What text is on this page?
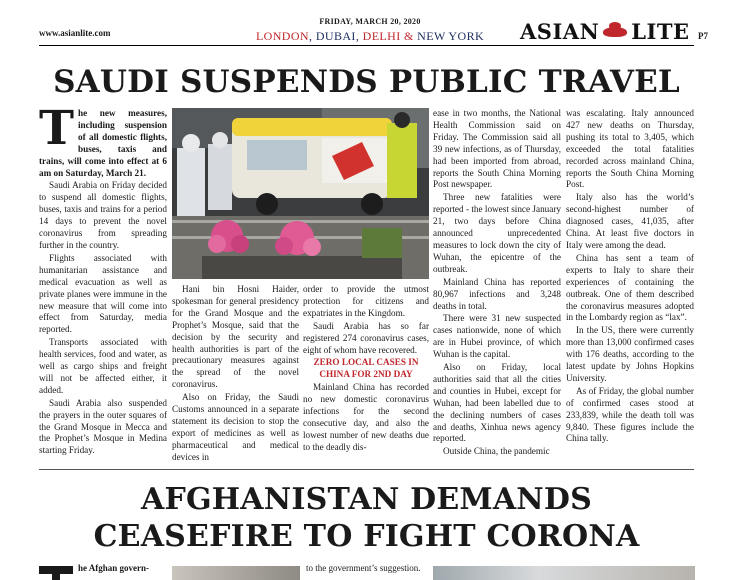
www.asianlite.com
FRIDAY, MARCH 20, 2020
LONDON, DUBAI, DELHI & NEW YORK	ASIAN LITE P7
SAUDI SUSPENDS PUBLIC TRAVEL

The new measures, including suspension of all domestic flights, buses, taxis and trains, will come into effect at 6 am on Saturday, March 21.

Saudi Arabia on Friday decided to suspend all domestic flights, buses, taxis and trains for a period 14 days to prevent the novel coronavirus from spreading further in the country.

Flights associated with humanitarian assistance and medical evacuation as well as private planes were immune in the new measure that will come into effect from Saturday, media reported.

Transports associated with health services, food and water, as well as cargo ships and freight will not be affected either, it added.

Saudi Arabia also suspended the prayers in the outer squares of the Grand Mosque in Mecca and the Prophet’s Mosque in Medina starting Friday.

Hani bin Hosni Haider, spokesman for general presidency for the Grand Mosque and the Prophet’s Mosque, said that the decision by the security and health authorities is part of the precautionary measures against the spread of the novel coronavirus.

Also on Friday, the Saudi Customs announced in a separate statement its decision to stop the export of medicines as well as pharmaceutical and medical devices in

order to provide the utmost protection for citizens and expatriates in the Kingdom.

Saudi Arabia has so far registered 274 coronavirus cases, eight of whom have recovered.

ZERO LOCAL CASES IN CHINA FOR 2ND DAY

Mainland China has recorded no new domestic coronavirus infections for the second consecutive day, and also the lowest number of new deaths due to the deadly dis-

ease in two months, the National Health Commission said on Friday. The Commission said all 39 new infections, as of Thursday, had been imported from abroad, reports the South China Morning Post newspaper.

Three new fatalities were reported - the lowest since January 21, two days before China announced unprecedented measures to lock down the city of Wuhan, the epicentre of the outbreak.

Mainland China has reported 80,967 infections and 3,248 deaths in total.

There were 31 new suspected cases nationwide, none of which are in Hubei province, of which Wuhan is the capital.

Also on Friday, local authorities said that all the cities and counties in Hubei, except for Wuhan, had been labelled due to the declining numbers of cases and deaths, Xinhua news agency reported.

Outside China, the pandemic

was escalating. Italy announced 427 new deaths on Thursday, pushing its total to 3,405, which exceeded the total fatalities recorded across mainland China, reports the South China Morning Post.

Italy also has the world’s second-highest number of diagnosed cases, 41,035, after China. At least five doctors in Italy were among the dead.

China has sent a team of experts to Italy to share their experiences of containing the outbreak. One of them described the coronavirus measures adopted in the Lombardy region as “lax”.

In the US, there were currently more than 13,000 confirmed cases with 176 deaths, according to the latest update by Johns Hopkins University.

As of Friday, the global number of confirmed cases stood at 233,839, while the death toll was 9,840. These figures include the China tally.

AFGHANISTAN DEMANDS
CEASEFIRE TO FIGHT CORONA
he Afghan govern-	to the government’s suggestion.
